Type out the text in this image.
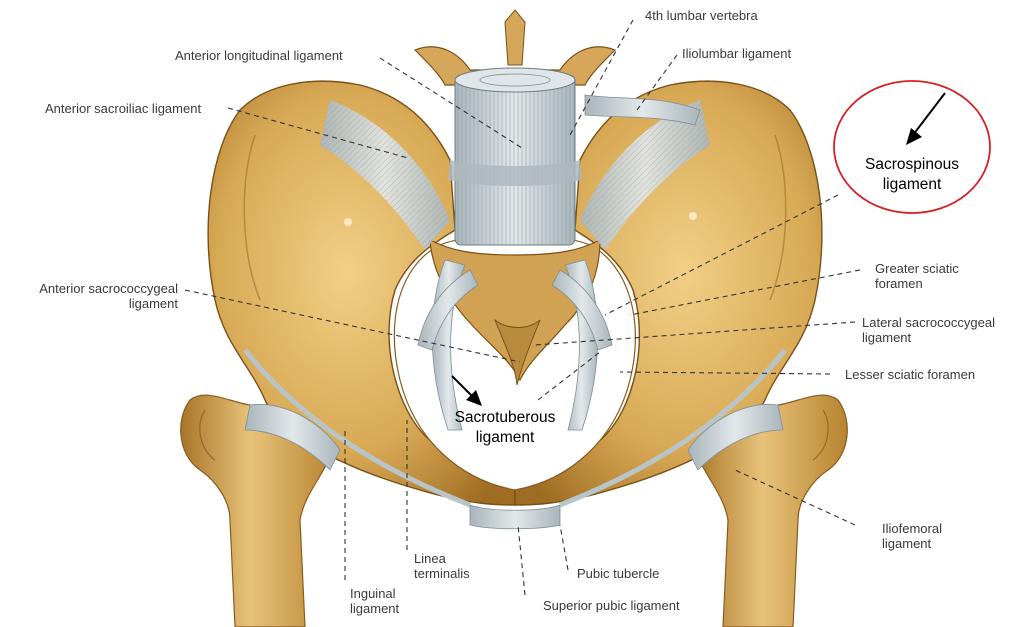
4th lumbar vertebra
Anterior longitudinal ligament	Iliolumbar ligament
Anterior sacroiliac ligament
Sacrospinous
ligament
Anterior sacrococcygeal
ligament
Greater sciatic
foramen
Lateral sacrococcygeal
ligament
Lesser sciatic foramen
Sacrotuberous
ligament
Iliofemoral
ligament
Linea
terminalis	Pubic tubercle
Inguinal
ligament	Superior pubic ligament
